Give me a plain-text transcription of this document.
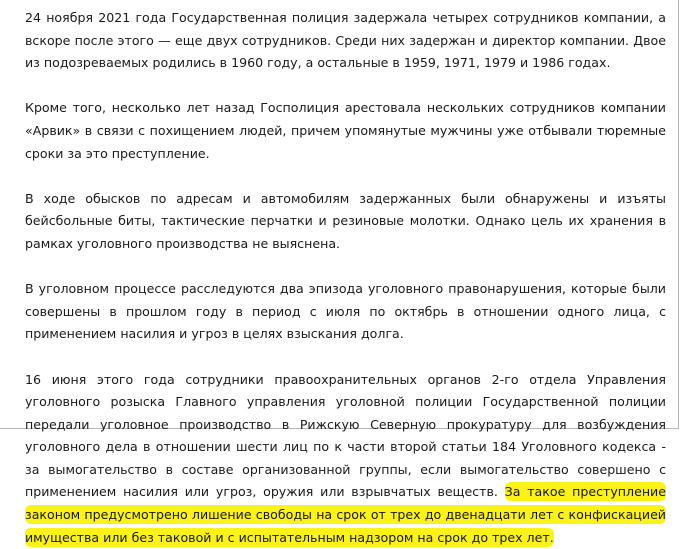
24 ноября 2021 года Государственная полиция задержала четырех сотрудников компании, а вскоре после этого — еще двух сотрудников. Среди них задержан и директор компании. Двое из подозреваемых родились в 1960 году, а остальные в 1959, 1971, 1979 и 1986 годах.

Кроме того, несколько лет назад Госполиция арестовала нескольких сотрудников компании «Арвик» в связи с похищением людей, причем упомянутые мужчины уже отбывали тюремные сроки за это преступление.

В ходе обысков по адресам и автомобилям задержанных были обнаружены и изъяты бейсбольные биты, тактические перчатки и резиновые молотки. Однако цель их хранения в рамках уголовного производства не выяснена.

В уголовном процессе расследуются два эпизода уголовного правонарушения, которые были совершены в прошлом году в период с июля по октябрь в отношении одного лица, с применением насилия и угроз в целях взыскания долга.

16 июня этого года сотрудники правоохранительных органов 2-го отдела Управления уголовного розыска Главного управления уголовной полиции Государственной полиции передали уголовное производство в Рижскую Северную прокуратуру для возбуждения уголовного дела в отношении шести лиц по к части второй статьи 184 Уголовного кодекса - за вымогательство в составе организованной группы, если вымогательство совершено с применением насилия или угроз, оружия или взрывчатых веществ. За такое преступление законом предусмотрено лишение свободы на срок от трех до двенадцати лет с конфискацией имущества или без таковой и с испытательным надзором на срок до трех лет.
